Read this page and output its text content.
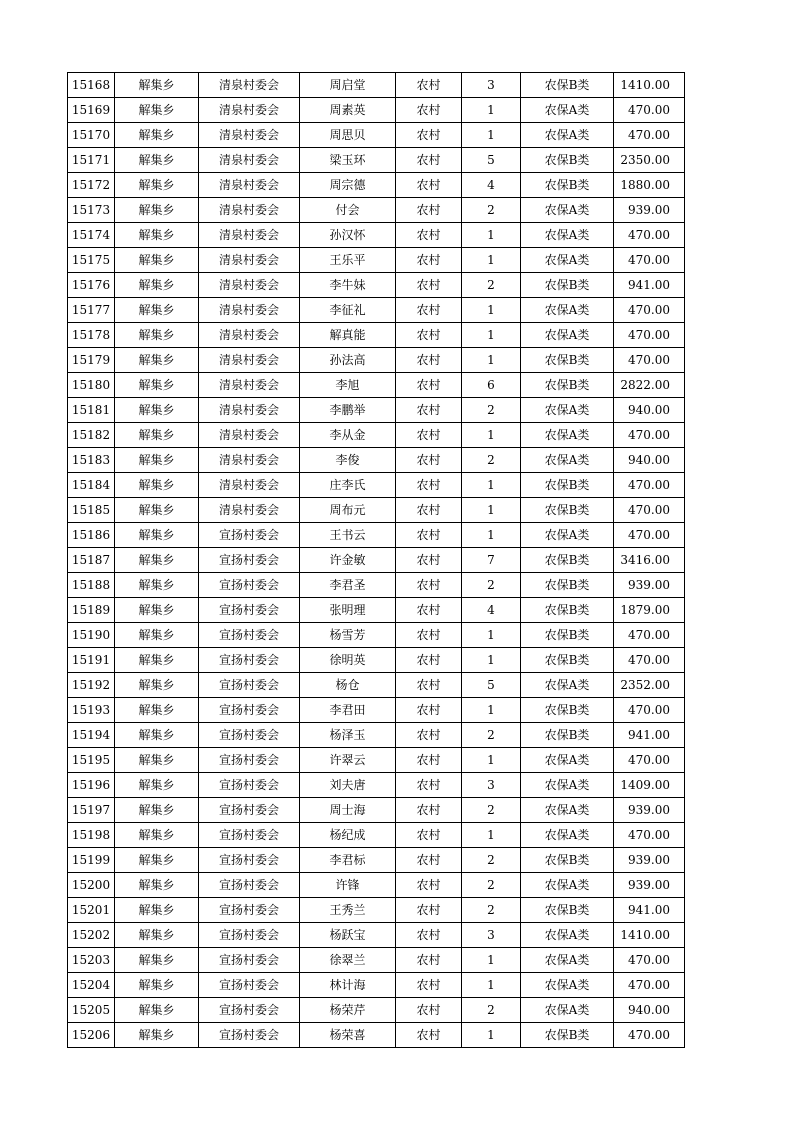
15168	解集乡	清泉村委会	周启堂	农村	3	农保B类	1410.00
15169	解集乡	清泉村委会	周素英	农村	1	农保A类	470.00
15170	解集乡	清泉村委会	周思贝	农村	1	农保A类	470.00
15171	解集乡	清泉村委会	梁玉环	农村	5	农保B类	2350.00
15172	解集乡	清泉村委会	周宗德	农村	4	农保B类	1880.00
15173	解集乡	清泉村委会	付会	农村	2	农保A类	939.00
15174	解集乡	清泉村委会	孙汉怀	农村	1	农保A类	470.00
15175	解集乡	清泉村委会	王乐平	农村	1	农保A类	470.00
15176	解集乡	清泉村委会	李牛妹	农村	2	农保B类	941.00
15177	解集乡	清泉村委会	李征礼	农村	1	农保A类	470.00
15178	解集乡	清泉村委会	解真能	农村	1	农保A类	470.00
15179	解集乡	清泉村委会	孙法高	农村	1	农保B类	470.00
15180	解集乡	清泉村委会	李旭	农村	6	农保B类	2822.00
15181	解集乡	清泉村委会	李鹏举	农村	2	农保A类	940.00
15182	解集乡	清泉村委会	李从金	农村	1	农保A类	470.00
15183	解集乡	清泉村委会	李俊	农村	2	农保A类	940.00
15184	解集乡	清泉村委会	庄李氏	农村	1	农保B类	470.00
15185	解集乡	清泉村委会	周布元	农村	1	农保B类	470.00
15186	解集乡	宣扬村委会	王书云	农村	1	农保A类	470.00
15187	解集乡	宣扬村委会	许金敏	农村	7	农保B类	3416.00
15188	解集乡	宣扬村委会	李君圣	农村	2	农保B类	939.00
15189	解集乡	宣扬村委会	张明理	农村	4	农保B类	1879.00
15190	解集乡	宣扬村委会	杨雪芳	农村	1	农保B类	470.00
15191	解集乡	宣扬村委会	徐明英	农村	1	农保B类	470.00
15192	解集乡	宣扬村委会	杨仓	农村	5	农保A类	2352.00
15193	解集乡	宣扬村委会	李君田	农村	1	农保B类	470.00
15194	解集乡	宣扬村委会	杨泽玉	农村	2	农保B类	941.00
15195	解集乡	宣扬村委会	许翠云	农村	1	农保A类	470.00
15196	解集乡	宣扬村委会	刘夫唐	农村	3	农保A类	1409.00
15197	解集乡	宣扬村委会	周士海	农村	2	农保A类	939.00
15198	解集乡	宣扬村委会	杨纪成	农村	1	农保A类	470.00
15199	解集乡	宣扬村委会	李君标	农村	2	农保B类	939.00
15200	解集乡	宣扬村委会	许锋	农村	2	农保A类	939.00
15201	解集乡	宣扬村委会	王秀兰	农村	2	农保B类	941.00
15202	解集乡	宣扬村委会	杨跃宝	农村	3	农保A类	1410.00
15203	解集乡	宣扬村委会	徐翠兰	农村	1	农保A类	470.00
15204	解集乡	宣扬村委会	林计海	农村	1	农保A类	470.00
15205	解集乡	宣扬村委会	杨荣芹	农村	2	农保A类	940.00
15206	解集乡	宣扬村委会	杨荣喜	农村	1	农保B类	470.00
